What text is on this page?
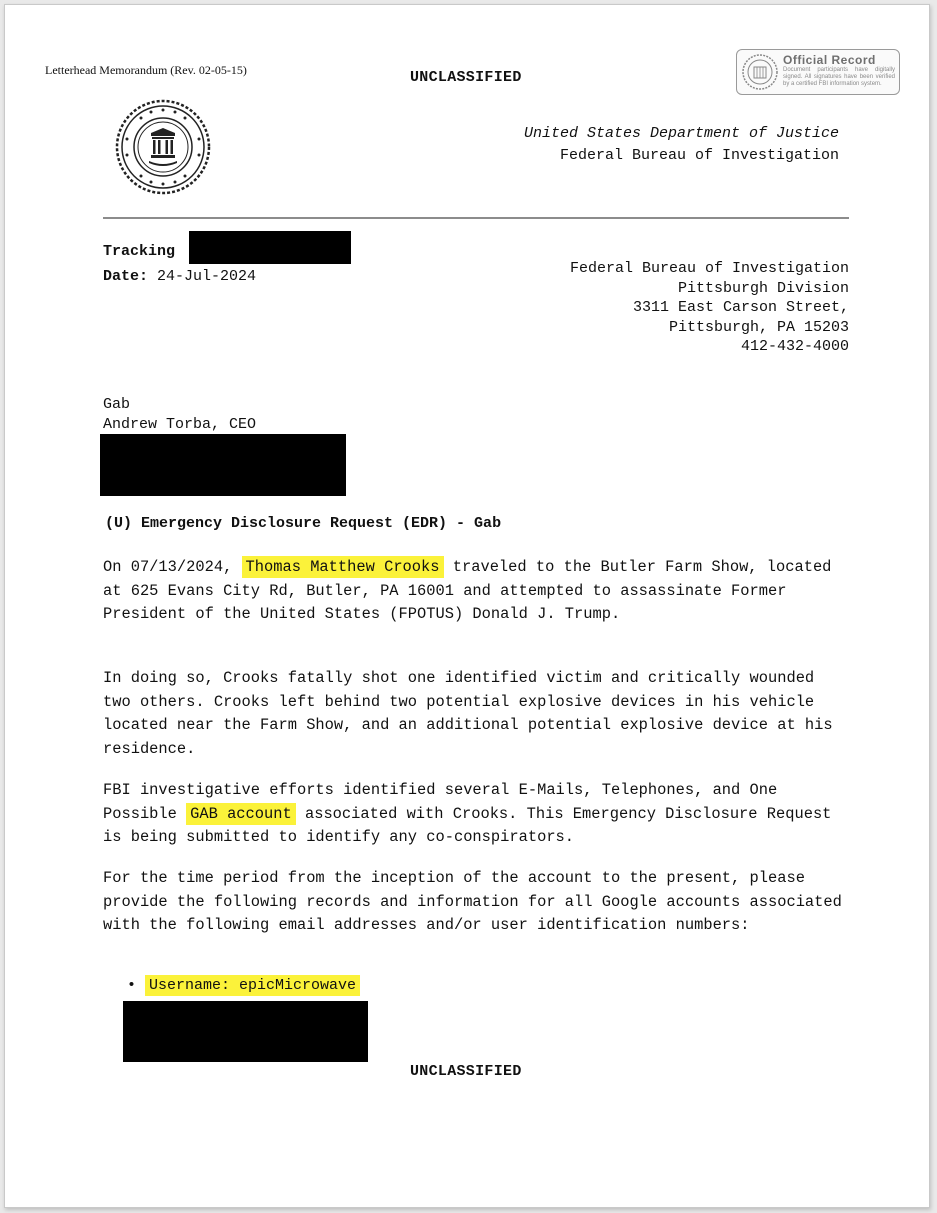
Letterhead Memorandum (Rev. 02-05-15)	UNCLASSIFIED
Official Record
Document participants have digitally signed. All signatures have been verified by a certified FBI information system.
United States Department of Justice
Federal Bureau of Investigation
Tracking
Date: 24-Jul-2024	Federal Bureau of Investigation
Pittsburgh Division
3311 East Carson Street,
Pittsburgh, PA 15203
412-432-4000
Gab
Andrew Torba, CEO
(U) Emergency Disclosure Request (EDR) - Gab

On 07/13/2024, Thomas Matthew Crooks traveled to the Butler Farm Show, located at 625 Evans City Rd, Butler, PA 16001 and attempted to assassinate Former President of the United States (FPOTUS) Donald J. Trump.

In doing so, Crooks fatally shot one identified victim and critically wounded two others. Crooks left behind two potential explosive devices in his vehicle located near the Farm Show, and an additional potential explosive device at his residence.

FBI investigative efforts identified several E-Mails, Telephones, and One Possible GAB account associated with Crooks. This Emergency Disclosure Request is being submitted to identify any co-conspirators.

For the time period from the inception of the account to the present, please provide the following records and information for all Google accounts associated with the following email addresses and/or user identification numbers:

• Username: epicMicrowave
UNCLASSIFIED
